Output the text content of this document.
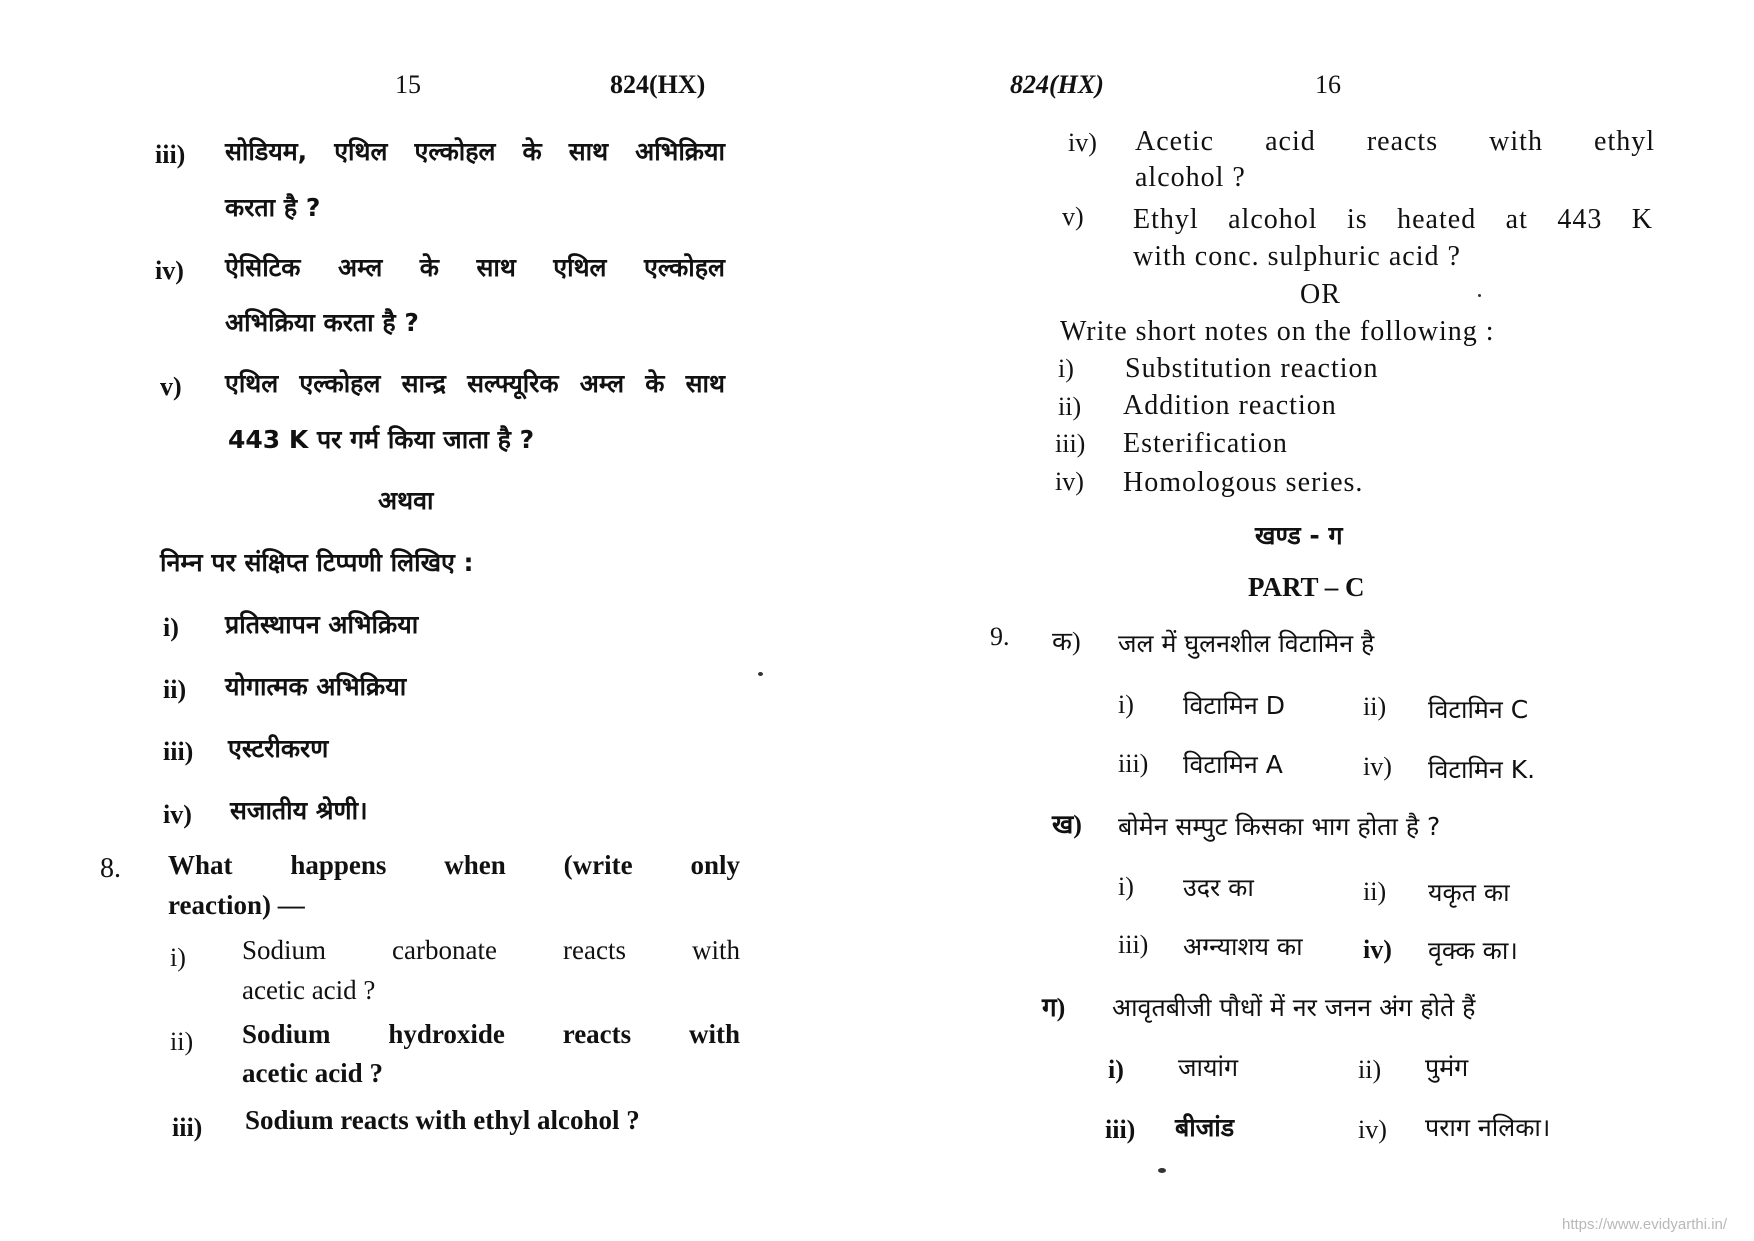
15	824(HX)
iii) सोडियम, एथिल एल्कोहल के साथ अभिक्रिया
करता है ?
iv) ऐसिटिक अम्ल के साथ एथिल एल्कोहल
अभिक्रिया करता है ?
v) एथिल एल्कोहल सान्द्र सल्फ्यूरिक अम्ल के साथ
443 K पर गर्म किया जाता है ?
अथवा
निम्न पर संक्षिप्त टिप्पणी लिखिए :
i) प्रतिस्थापन अभिक्रिया
ii) योगात्मक अभिक्रिया
iii) एस्टरीकरण
iv) सजातीय श्रेणी।
8. What happens when (write only
reaction) —
i) Sodium carbonate reacts with
acetic acid ?
ii) Sodium hydroxide reacts with
acetic acid ?
iii) Sodium reacts with ethyl alcohol ?
824(HX)	16
iv) Acetic acid reacts with ethyl
alcohol ?
v) Ethyl alcohol is heated at 443 K
with conc. sulphuric acid ?
OR
Write short notes on the following :
i) Substitution reaction
ii) Addition reaction
iii) Esterification
iv) Homologous series.
खण्ड - ग
PART – C
9. क) जल में घुलनशील विटामिन है
i) विटामिन D	ii) विटामिन C
iii) विटामिन A	iv) विटामिन K.
ख) बोमेन सम्पुट किसका भाग होता है ?
i) उदर का	ii) यकृत का
iii) अग्न्याशय का iv) वृक्क का।
ग) आवृतबीजी पौधों में नर जनन अंग होते हैं
i) जायांग	ii) पुमंग
iii) बीजांड	iv) पराग नलिका।
https://www.evidyarthi.in/
